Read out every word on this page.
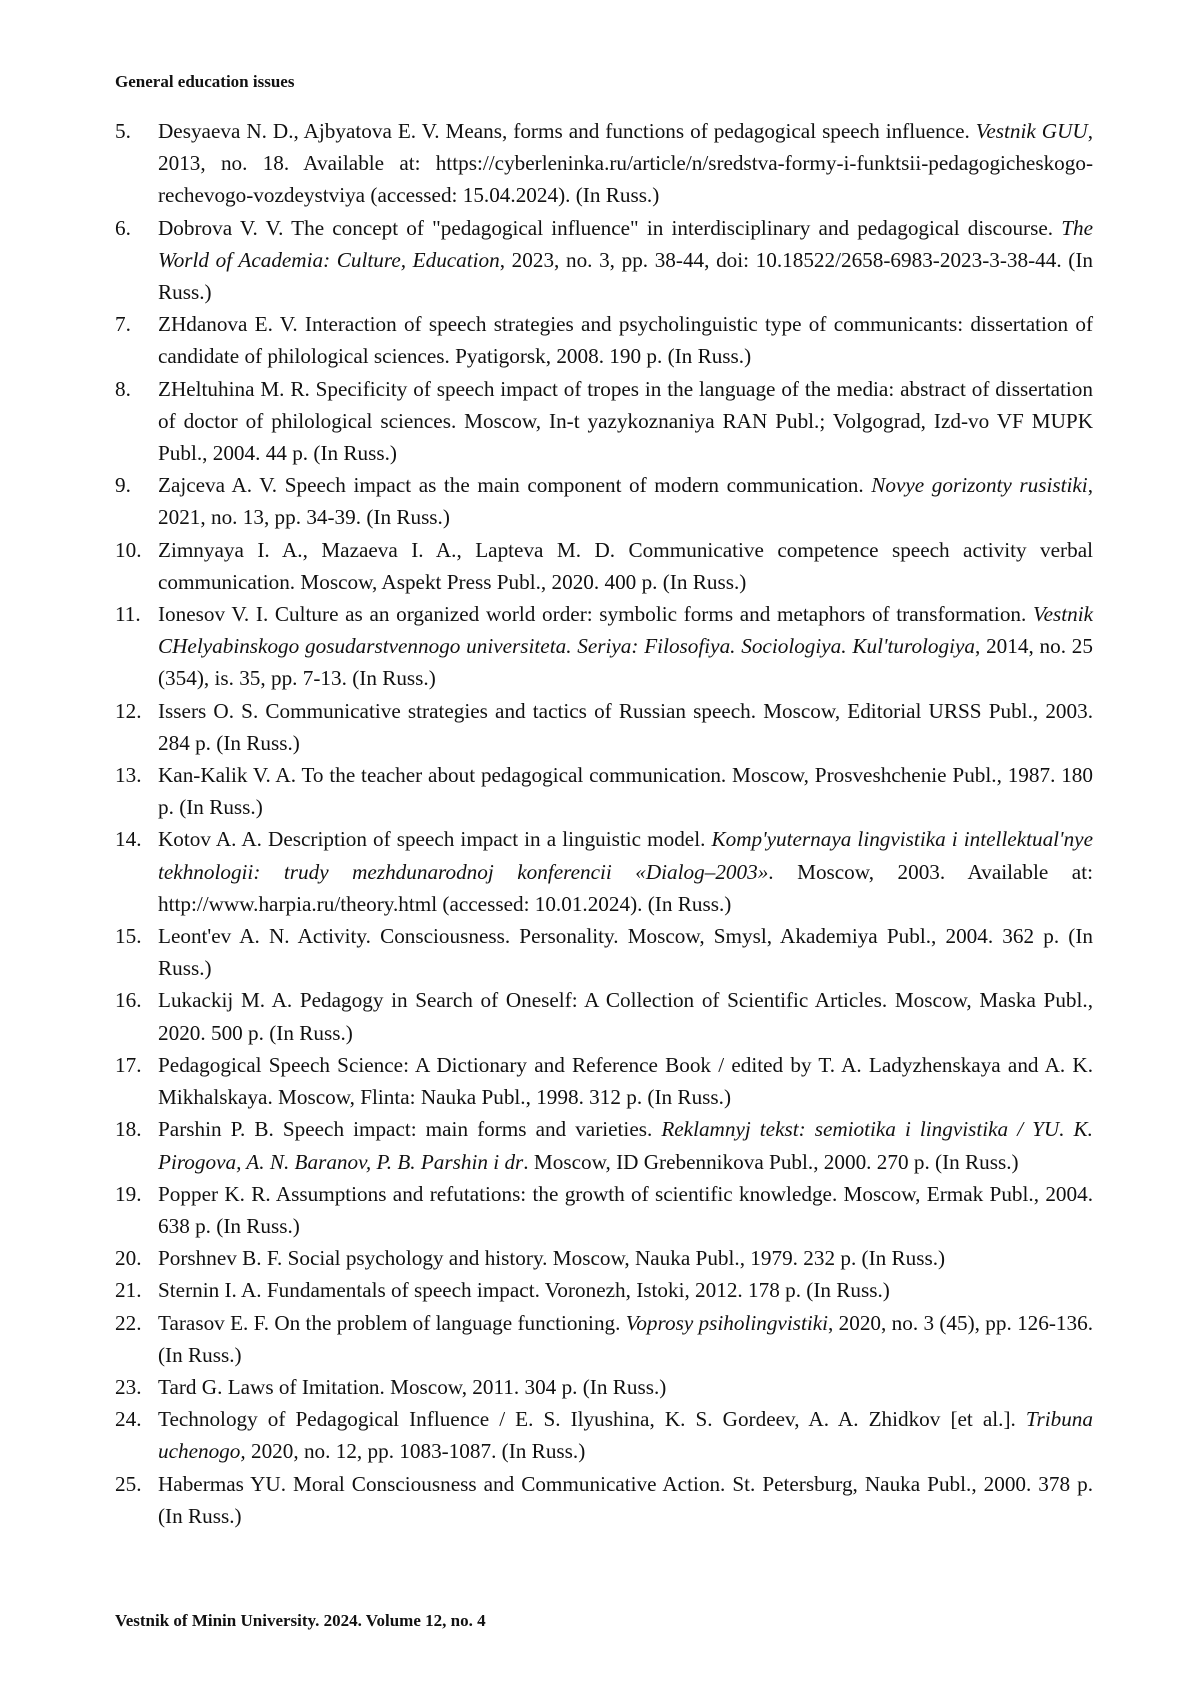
General education issues
5.	Desyaeva N. D., Ajbyatova E. V. Means, forms and functions of pedagogical speech influence. Vestnik GUU, 2013, no. 18. Available at: https://cyberleninka.ru/article/n/sredstva-formy-i-funktsii-pedagogicheskogo-rechevogo-vozdeystviya (accessed: 15.04.2024). (In Russ.)
6.	Dobrova V. V. The concept of "pedagogical influence" in interdisciplinary and pedagogical discourse. The World of Academia: Culture, Education, 2023, no. 3, pp. 38-44, doi: 10.18522/2658-6983-2023-3-38-44. (In Russ.)
7.	ZHdanova E. V. Interaction of speech strategies and psycholinguistic type of communicants: dissertation of candidate of philological sciences. Pyatigorsk, 2008. 190 p. (In Russ.)
8.	ZHeltuhina M. R. Specificity of speech impact of tropes in the language of the media: abstract of dissertation of doctor of philological sciences. Moscow, In-t yazykoznaniya RAN Publ.; Volgograd, Izd-vo VF MUPK Publ., 2004. 44 p. (In Russ.)
9.	Zajceva A. V. Speech impact as the main component of modern communication. Novye gorizonty rusistiki, 2021, no. 13, pp. 34-39. (In Russ.)
10. Zimnyaya I. A., Mazaeva I. A., Lapteva M. D. Communicative competence speech activity verbal communication. Moscow, Aspekt Press Publ., 2020. 400 p. (In Russ.)
11. Ionesov V. I. Culture as an organized world order: symbolic forms and metaphors of transformation. Vestnik CHelyabinskogo gosudarstvennogo universiteta. Seriya: Filosofiya. Sociologiya. Kul'turologiya, 2014, no. 25 (354), is. 35, pp. 7-13. (In Russ.)
12. Issers O. S. Communicative strategies and tactics of Russian speech. Moscow, Editorial URSS Publ., 2003. 284 p. (In Russ.)
13. Kan-Kalik V. A. To the teacher about pedagogical communication. Moscow, Prosveshchenie Publ., 1987. 180 p. (In Russ.)
14. Kotov A. A. Description of speech impact in a linguistic model. Komp'yuternaya lingvistika i intellektual'nye tekhnologii: trudy mezhdunarodnoj konferencii «Dialog–2003». Moscow, 2003. Available at: http://www.harpia.ru/theory.html (accessed: 10.01.2024). (In Russ.)
15. Leont'ev A. N. Activity. Consciousness. Personality. Moscow, Smysl, Akademiya Publ., 2004. 362 p. (In Russ.)
16. Lukackij M. A. Pedagogy in Search of Oneself: A Collection of Scientific Articles. Moscow, Maska Publ., 2020. 500 p. (In Russ.)
17. Pedagogical Speech Science: A Dictionary and Reference Book / edited by T. A. Ladyzhenskaya and A. K. Mikhalskaya. Moscow, Flinta: Nauka Publ., 1998. 312 p. (In Russ.)
18. Parshin P. B. Speech impact: main forms and varieties. Reklamnyj tekst: semiotika i lingvistika / YU. K. Pirogova, A. N. Baranov, P. B. Parshin i dr. Moscow, ID Grebennikova Publ., 2000. 270 p. (In Russ.)
19. Popper K. R. Assumptions and refutations: the growth of scientific knowledge. Moscow, Ermak Publ., 2004. 638 p. (In Russ.)
20. Porshnev B. F. Social psychology and history. Moscow, Nauka Publ., 1979. 232 p. (In Russ.)
21. Sternin I. A. Fundamentals of speech impact. Voronezh, Istoki, 2012. 178 p. (In Russ.)
22. Tarasov E. F. On the problem of language functioning. Voprosy psiholingvistiki, 2020, no. 3 (45), pp. 126-136. (In Russ.)
23. Tard G. Laws of Imitation. Moscow, 2011. 304 p. (In Russ.)
24. Technology of Pedagogical Influence / E. S. Ilyushina, K. S. Gordeev, A. A. Zhidkov [et al.]. Tribuna uchenogo, 2020, no. 12, pp. 1083-1087. (In Russ.)
25. Habermas YU. Moral Consciousness and Communicative Action. St. Petersburg, Nauka Publ., 2000. 378 p. (In Russ.)
Vestnik of Minin University. 2024. Volume 12, no. 4
